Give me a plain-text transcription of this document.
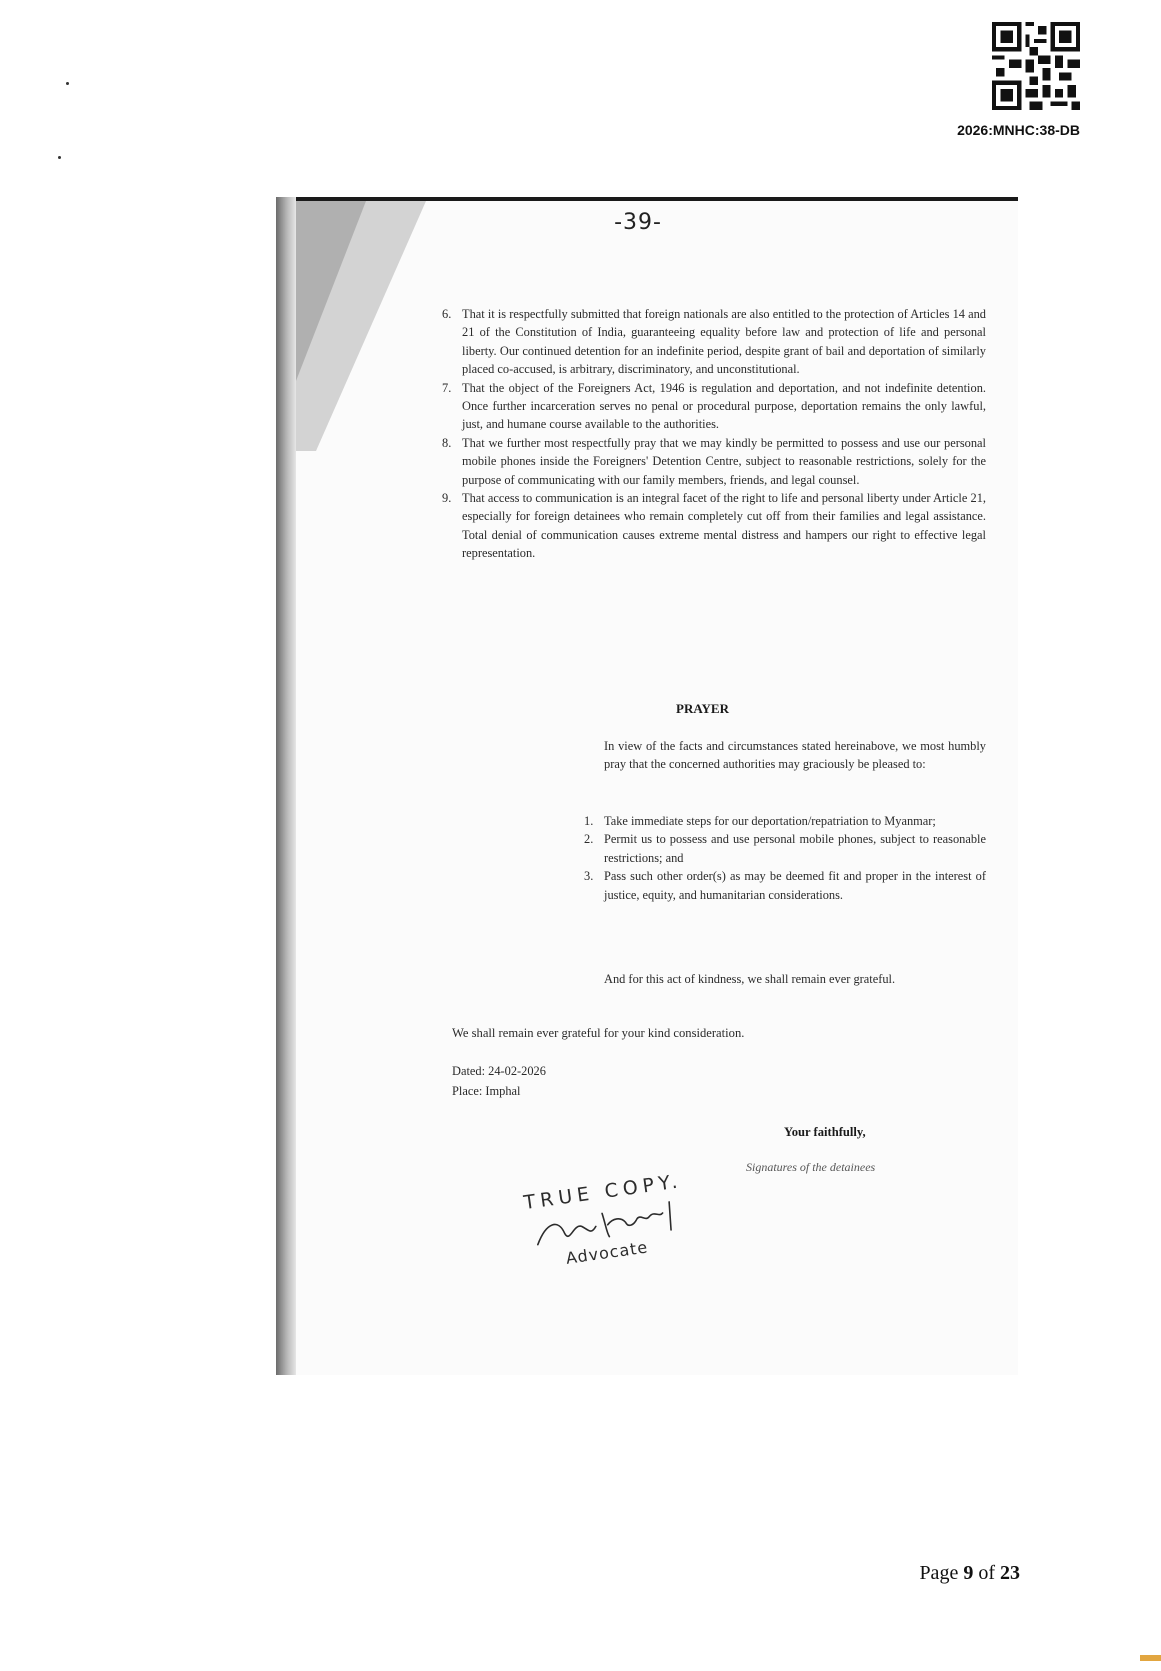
2026:MNHC:38-DB
-39-
6. That it is respectfully submitted that foreign nationals are also entitled to the protection of Articles 14 and 21 of the Constitution of India, guaranteeing equality before law and protection of life and personal liberty. Our continued detention for an indefinite period, despite grant of bail and deportation of similarly placed co-accused, is arbitrary, discriminatory, and unconstitutional.
7. That the object of the Foreigners Act, 1946 is regulation and deportation, and not indefinite detention. Once further incarceration serves no penal or procedural purpose, deportation remains the only lawful, just, and humane course available to the authorities.
8. That we further most respectfully pray that we may kindly be permitted to possess and use our personal mobile phones inside the Foreigners' Detention Centre, subject to reasonable restrictions, solely for the purpose of communicating with our family members, friends, and legal counsel.
9. That access to communication is an integral facet of the right to life and personal liberty under Article 21, especially for foreign detainees who remain completely cut off from their families and legal assistance. Total denial of communication causes extreme mental distress and hampers our right to effective legal representation.
PRAYER

In view of the facts and circumstances stated hereinabove, we most humbly pray that the concerned authorities may graciously be pleased to:

1. Take immediate steps for our deportation/repatriation to Myanmar;
2. Permit us to possess and use personal mobile phones, subject to reasonable restrictions; and
3. Pass such other order(s) as may be deemed fit and proper in the interest of justice, equity, and humanitarian considerations.

And for this act of kindness, we shall remain ever grateful.

We shall remain ever grateful for your kind consideration.
Dated: 24-02-2026
Place: Imphal
Your faithfully,
Signatures of the detainees
TRUE COPY.
Advocate
Page 9 of 23
